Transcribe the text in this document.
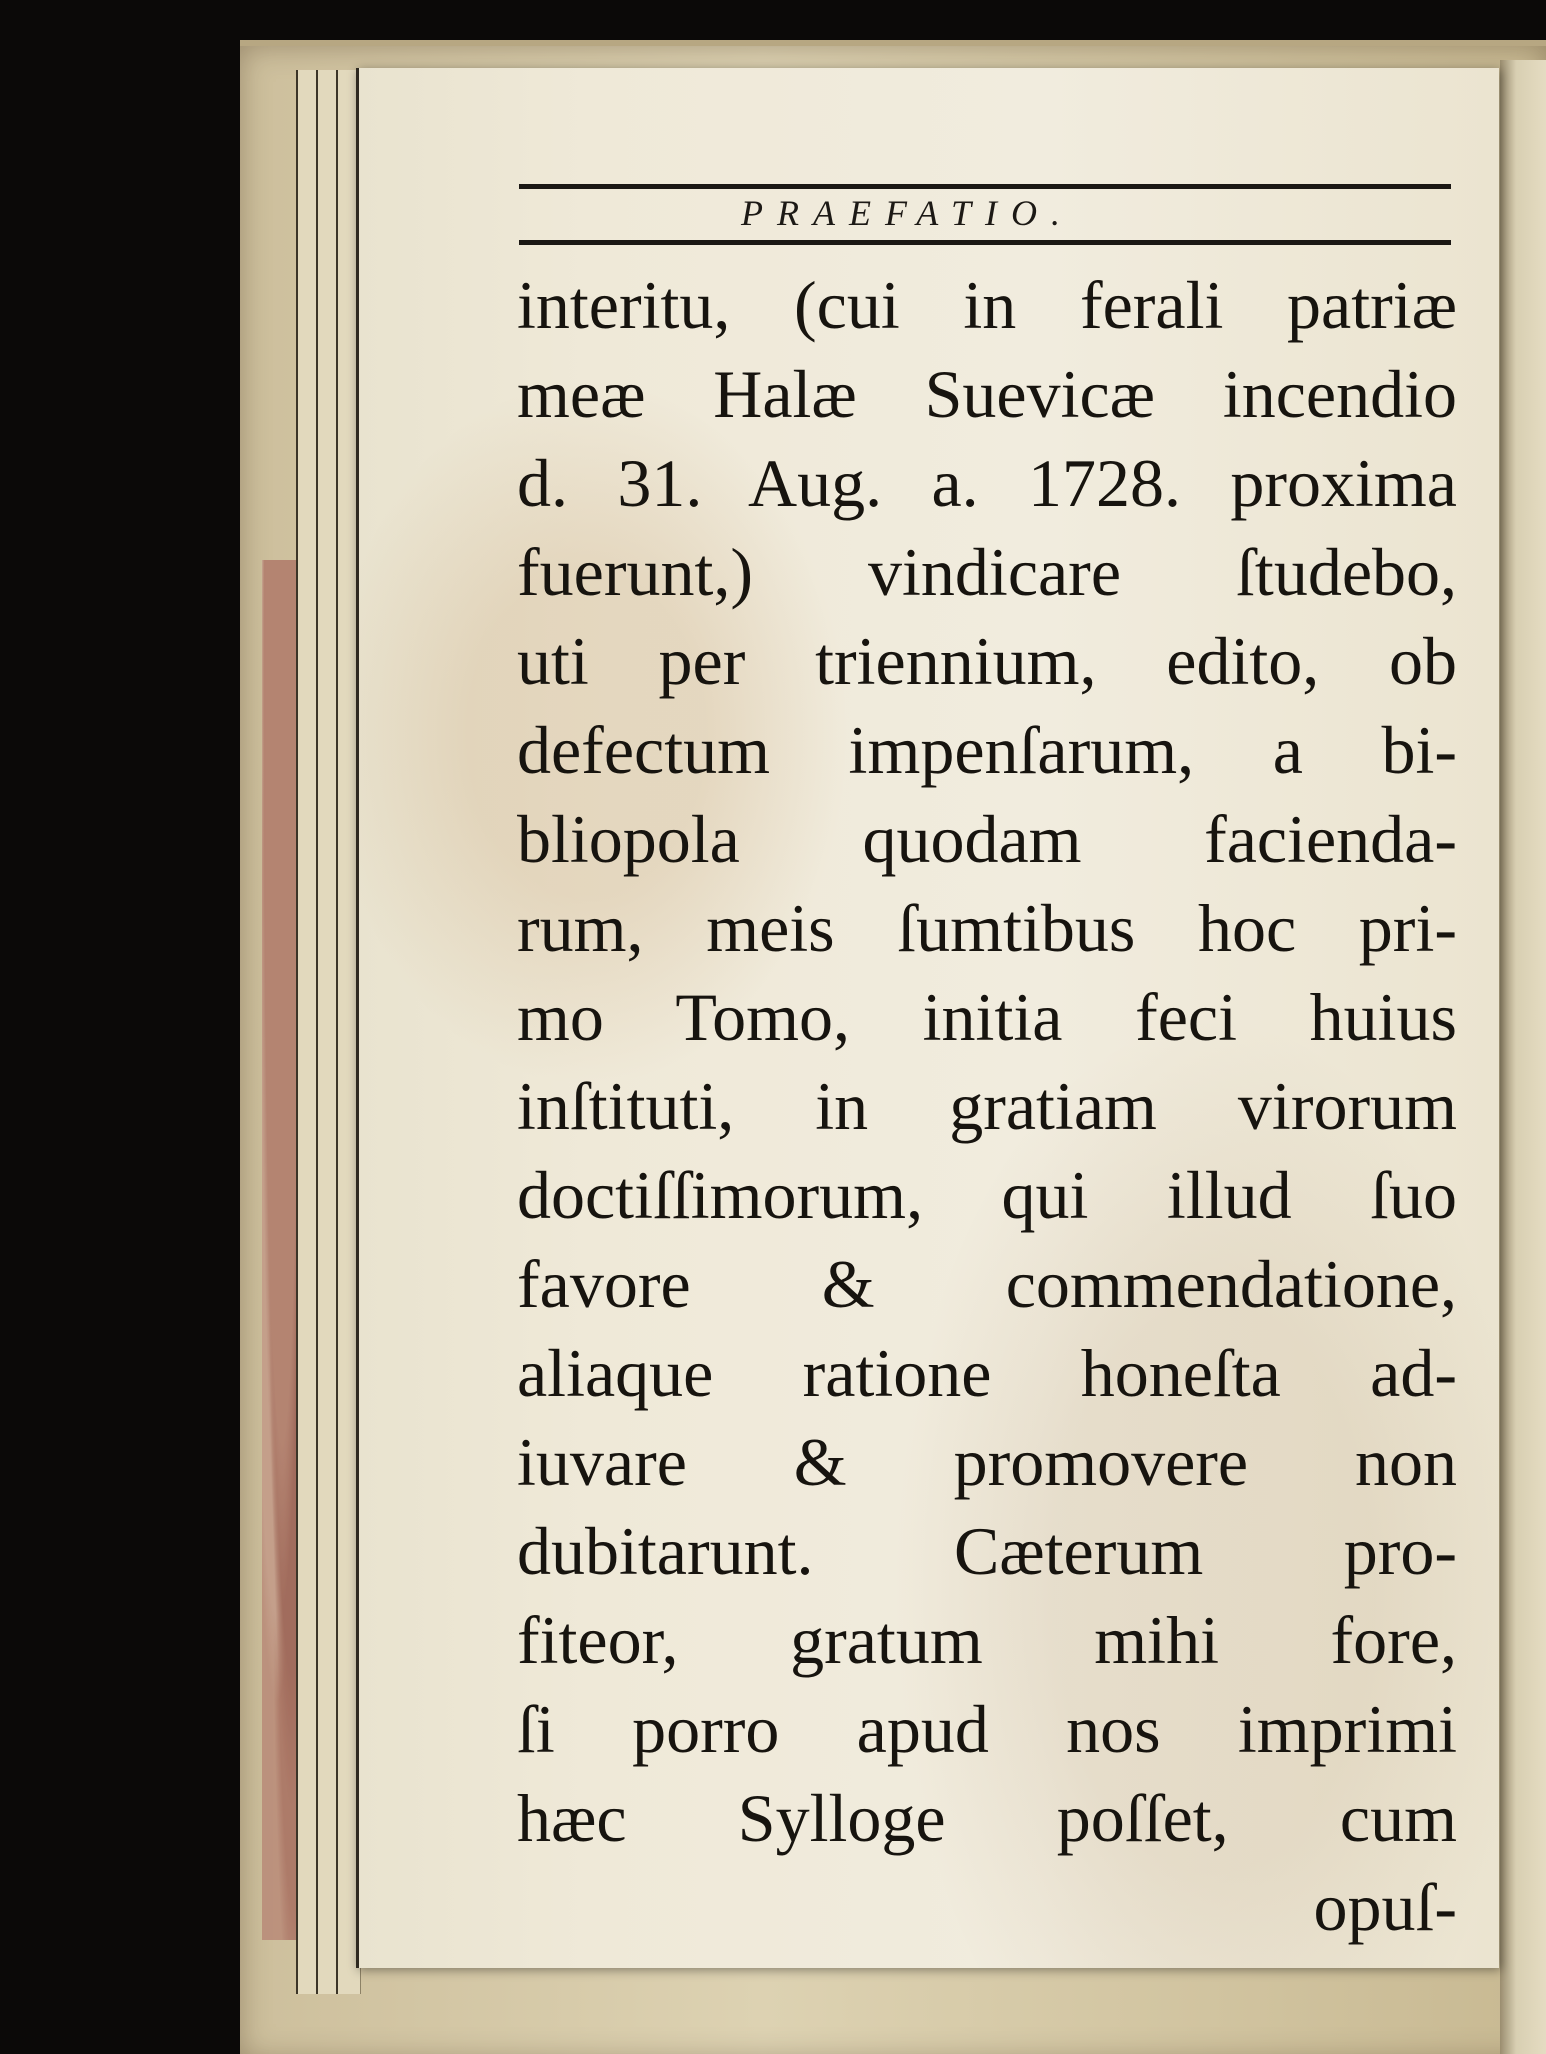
PRAEFATIO.
interitu, (cui in ferali patriæ
meæ Halæ Suevicæ incendio
d. 31. Aug. a. 1728. proxima
fuerunt,) vindicare ſtudebo,
uti per triennium, edito, ob
defectum impenſarum, a bi-
bliopola quodam facienda-
rum, meis ſumtibus hoc pri-
mo Tomo, initia feci huius
inſtituti, in gratiam virorum
doctiſſimorum, qui illud ſuo
favore & commendatione,
aliaque ratione honeſta ad-
iuvare & promovere non
dubitarunt. Cæterum pro-
fiteor, gratum mihi fore,
ſi porro apud nos imprimi
hæc Sylloge poſſet, cum
opuſ-
